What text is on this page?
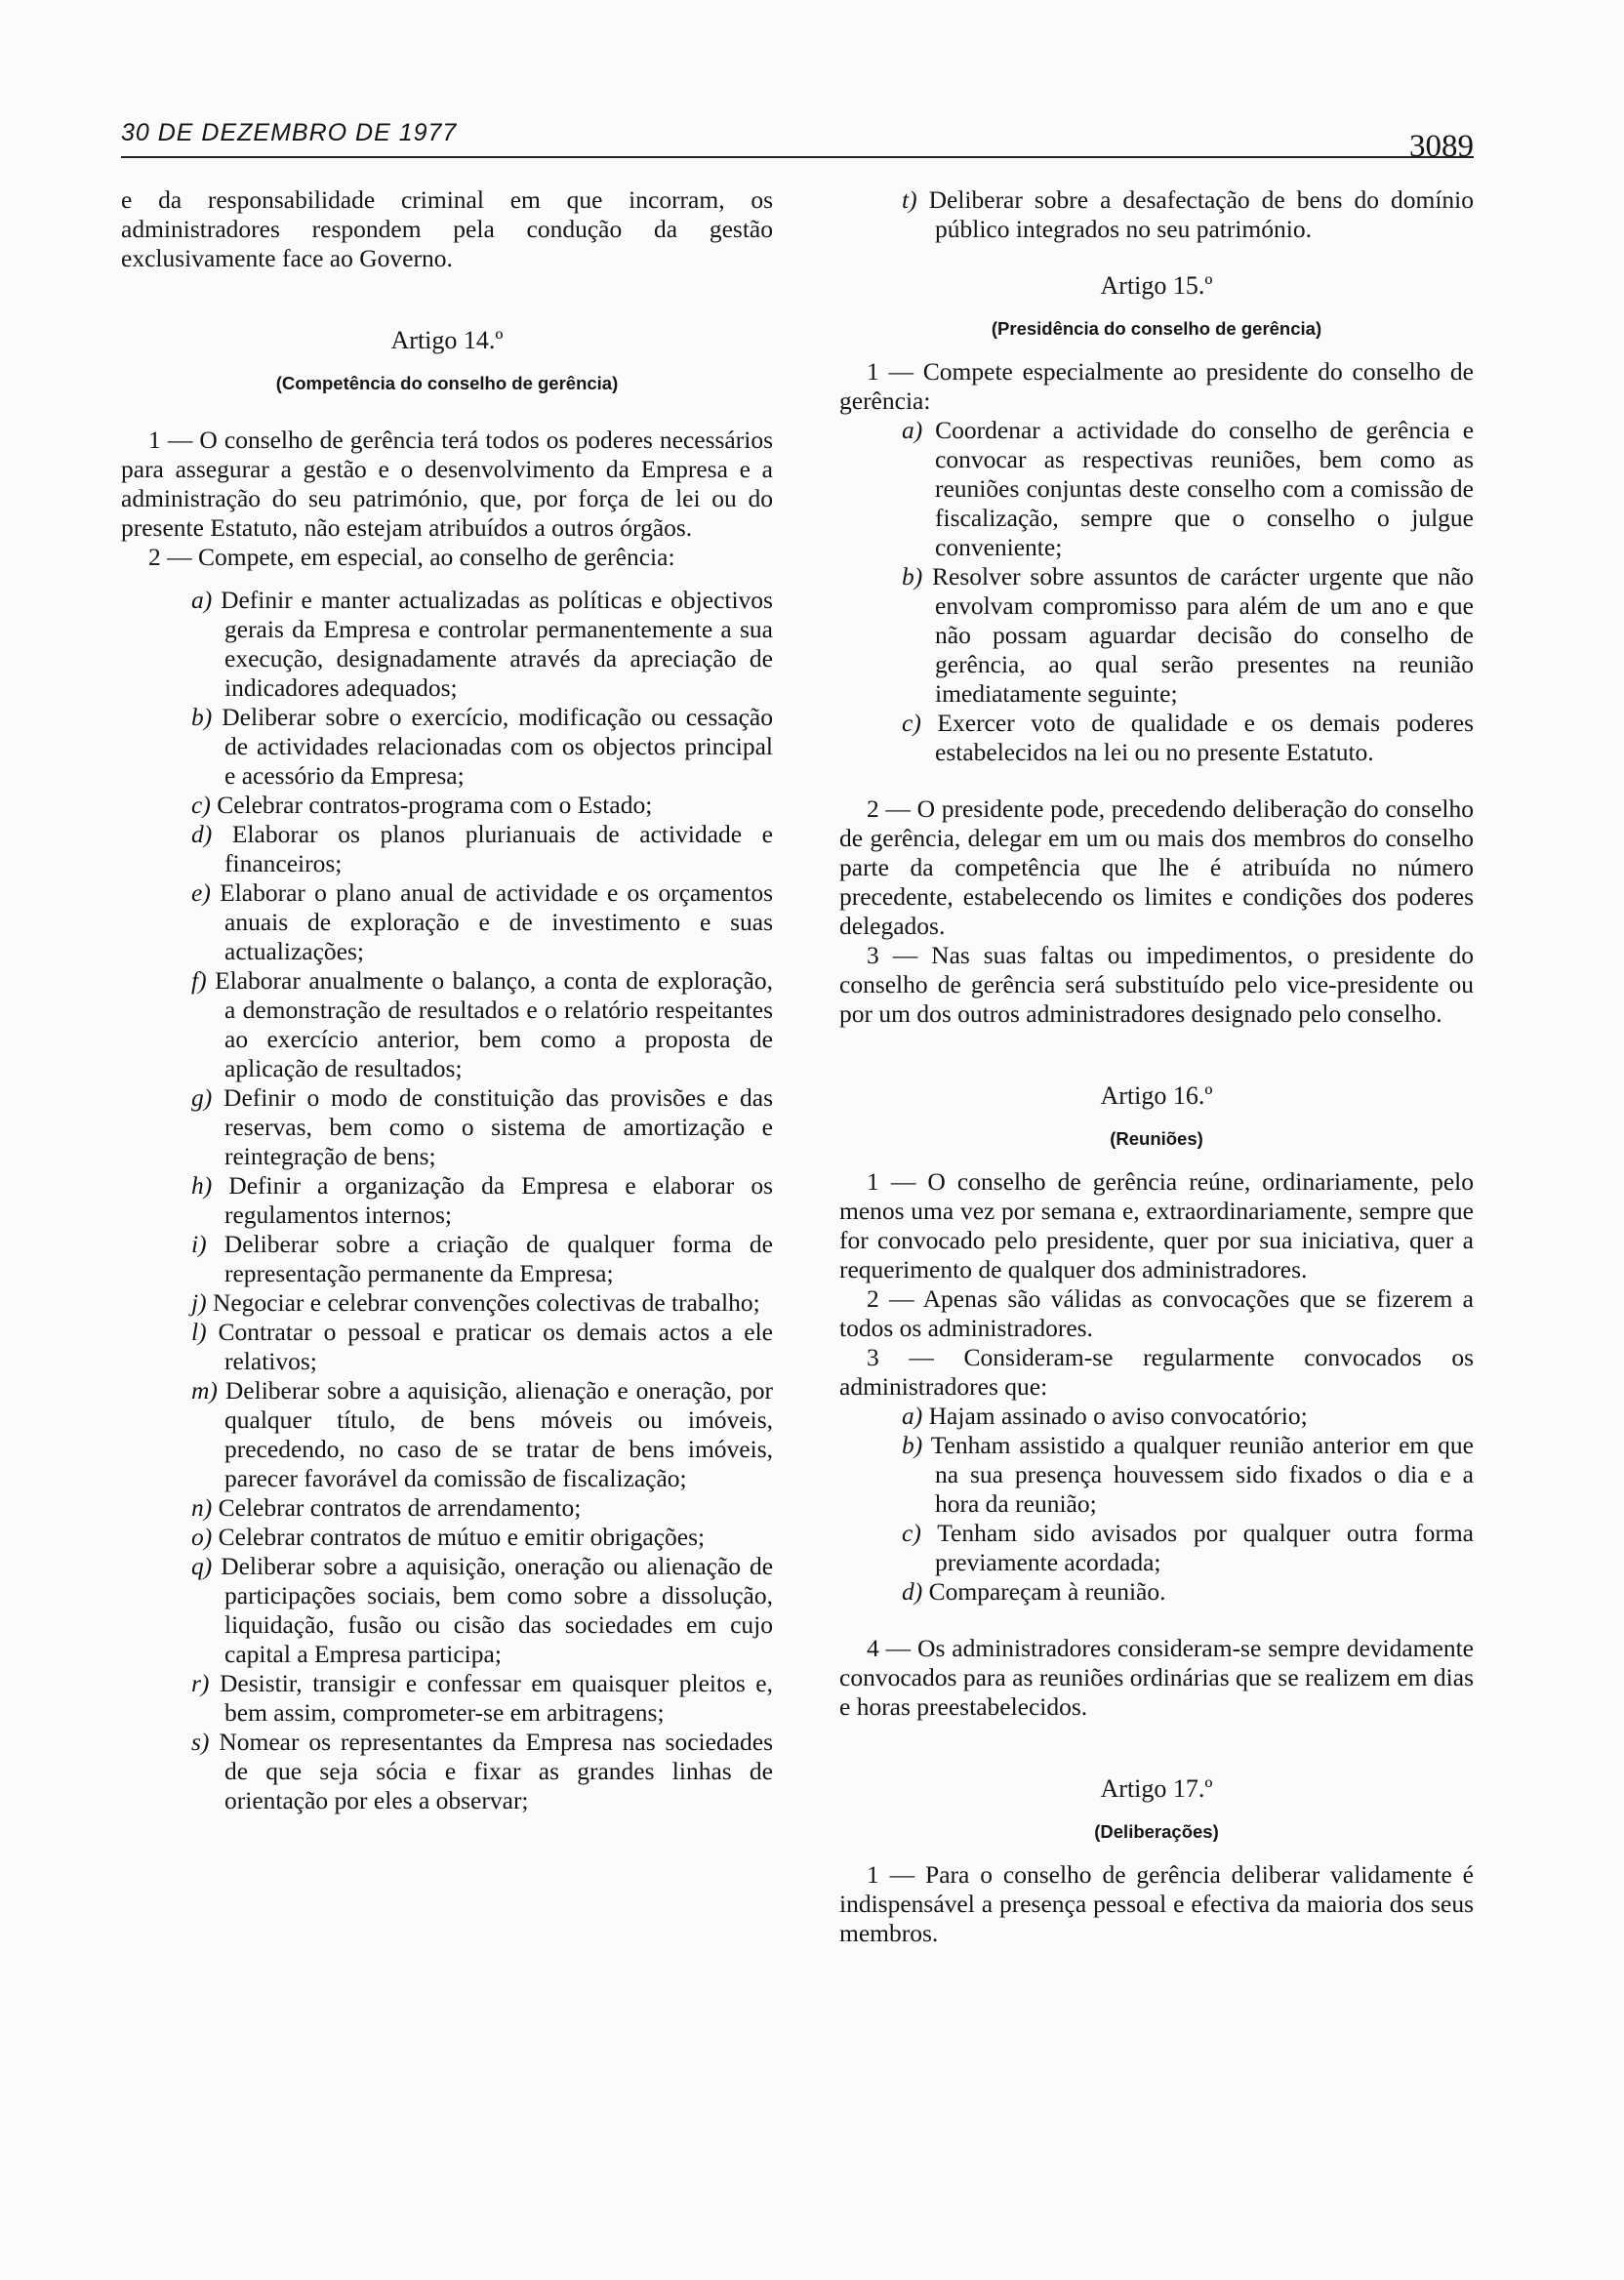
30 DE DEZEMBRO DE 1977	3089

e da responsabilidade criminal em que incorram, os administradores respondem pela condução da gestão exclusivamente face ao Governo.

Artigo 14.º
(Competência do conselho de gerência)

1 — O conselho de gerência terá todos os poderes necessários para assegurar a gestão e o desenvolvimento da Empresa e a administração do seu património, que, por força de lei ou do presente Estatuto, não estejam atribuídos a outros órgãos.

2 — Compete, em especial, ao conselho de gerência:

a) Definir e manter actualizadas as políticas e objectivos gerais da Empresa e controlar permanentemente a sua execução, designadamente através da apreciação de indicadores adequados;

b) Deliberar sobre o exercício, modificação ou cessação de actividades relacionadas com os objectos principal e acessório da Empresa;

c) Celebrar contratos-programa com o Estado;

d) Elaborar os planos plurianuais de actividade e financeiros;

e) Elaborar o plano anual de actividade e os orçamentos anuais de exploração e de investimento e suas actualizações;

f) Elaborar anualmente o balanço, a conta de exploração, a demonstração de resultados e o relatório respeitantes ao exercício anterior, bem como a proposta de aplicação de resultados;

g) Definir o modo de constituição das provisões e das reservas, bem como o sistema de amortização e reintegração de bens;

h) Definir a organização da Empresa e elaborar os regulamentos internos;

i) Deliberar sobre a criação de qualquer forma de representação permanente da Empresa;

j) Negociar e celebrar convenções colectivas de trabalho;

l) Contratar o pessoal e praticar os demais actos a ele relativos;

m) Deliberar sobre a aquisição, alienação e oneração, por qualquer título, de bens móveis ou imóveis, precedendo, no caso de se tratar de bens imóveis, parecer favorável da comissão de fiscalização;

n) Celebrar contratos de arrendamento;

o) Celebrar contratos de mútuo e emitir obrigações;

q) Deliberar sobre a aquisição, oneração ou alienação de participações sociais, bem como sobre a dissolução, liquidação, fusão ou cisão das sociedades em cujo capital a Empresa participa;

r) Desistir, transigir e confessar em quaisquer pleitos e, bem assim, comprometer-se em arbitragens;

s) Nomear os representantes da Empresa nas sociedades de que seja sócia e fixar as grandes linhas de orientação por eles a observar;

t) Deliberar sobre a desafectação de bens do domínio público integrados no seu património.

Artigo 15.º
(Presidência do conselho de gerência)

1 — Compete especialmente ao presidente do conselho de gerência:

a) Coordenar a actividade do conselho de gerência e convocar as respectivas reuniões, bem como as reuniões conjuntas deste conselho com a comissão de fiscalização, sempre que o conselho o julgue conveniente;

b) Resolver sobre assuntos de carácter urgente que não envolvam compromisso para além de um ano e que não possam aguardar decisão do conselho de gerência, ao qual serão presentes na reunião imediatamente seguinte;

c) Exercer voto de qualidade e os demais poderes estabelecidos na lei ou no presente Estatuto.

2 — O presidente pode, precedendo deliberação do conselho de gerência, delegar em um ou mais dos membros do conselho parte da competência que lhe é atribuída no número precedente, estabelecendo os limites e condições dos poderes delegados.

3 — Nas suas faltas ou impedimentos, o presidente do conselho de gerência será substituído pelo vice-presidente ou por um dos outros administradores designado pelo conselho.

Artigo 16.º
(Reuniões)

1 — O conselho de gerência reúne, ordinariamente, pelo menos uma vez por semana e, extraordinariamente, sempre que for convocado pelo presidente, quer por sua iniciativa, quer a requerimento de qualquer dos administradores.

2 — Apenas são válidas as convocações que se fizerem a todos os administradores.

3 — Consideram-se regularmente convocados os administradores que:

a) Hajam assinado o aviso convocatório;

b) Tenham assistido a qualquer reunião anterior em que na sua presença houvessem sido fixados o dia e a hora da reunião;

c) Tenham sido avisados por qualquer outra forma previamente acordada;

d) Compareçam à reunião.

4 — Os administradores consideram-se sempre devidamente convocados para as reuniões ordinárias que se realizem em dias e horas preestabelecidos.

Artigo 17.º
(Deliberações)

1 — Para o conselho de gerência deliberar validamente é indispensável a presença pessoal e efectiva da maioria dos seus membros.
